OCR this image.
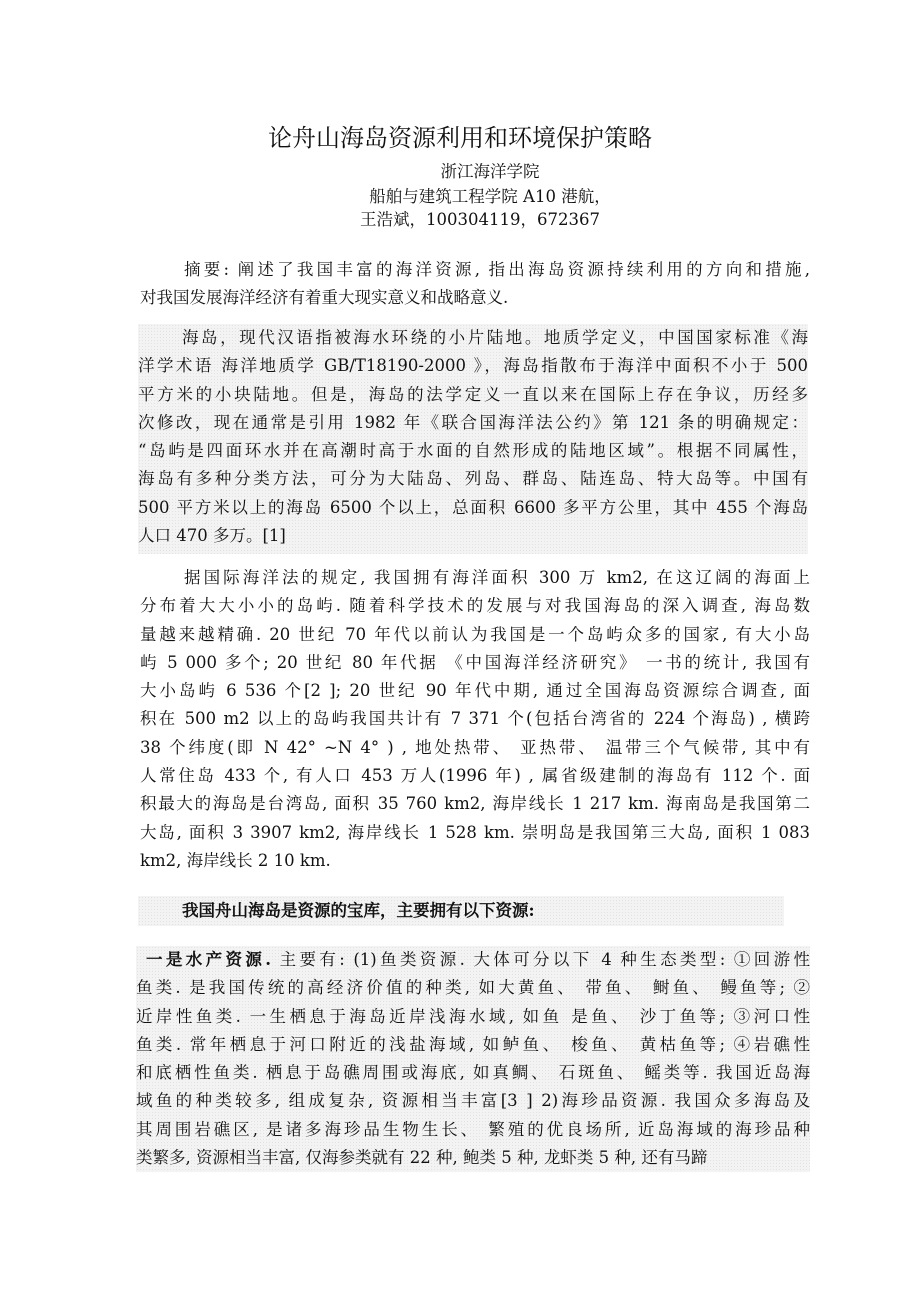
论舟山海岛资源利用和环境保护策略
浙江海洋学院
船舶与建筑工程学院 A10 港航，
王浩斌，100304119，672367
摘要: 阐述了我国丰富的海洋资源, 指出海岛资源持续利用的方向和措施,
对我国发展海洋经济有着重大现实意义和战略意义.
海岛，现代汉语指被海水环绕的小片陆地。地质学定义，中国国家标准《海
洋学术语 海洋地质学 GB/T18190-2000 》，海岛指散布于海洋中面积不小于 500
平方米的小块陆地。但是，海岛的法学定义一直以来在国际上存在争议，历经多
次修改，现在通常是引用 1982 年《联合国海洋法公约》第 121 条的明确规定：
“岛屿是四面环水并在高潮时高于水面的自然形成的陆地区域”。根据不同属性，
海岛有多种分类方法，可分为大陆岛、列岛、群岛、陆连岛、特大岛等。中国有
500 平方米以上的海岛 6500 个以上，总面积 6600 多平方公里，其中 455 个海岛
人口 470 多万。[1]
据国际海洋法的规定, 我国拥有海洋面积 300 万 km2, 在这辽阔的海面上
分布着大大小小的岛屿. 随着科学技术的发展与对我国海岛的深入调查, 海岛数
量越来越精确. 20 世纪 70 年代以前认为我国是一个岛屿众多的国家, 有大小岛
屿 5 000 多个; 20 世纪 80 年代据 《中国海洋经济研究》 一书的统计, 我国有
大小岛屿 6 536 个[2 ]; 20 世纪 90 年代中期, 通过全国海岛资源综合调查, 面
积在 500 m2 以上的岛屿我国共计有 7 371 个(包括台湾省的 224 个海岛) , 横跨
38 个纬度(即 N 42° ~N 4° ) , 地处热带、 亚热带、 温带三个气候带, 其中有
人常住岛 433 个, 有人口 453 万人(1996 年) , 属省级建制的海岛有 112 个. 面
积最大的海岛是台湾岛, 面积 35 760 km2, 海岸线长 1 217 km. 海南岛是我国第二
大岛, 面积 3 3907 km2, 海岸线长 1 528 km. 崇明岛是我国第三大岛, 面积 1 083
km2, 海岸线长 2 10 km.
我国舟山海岛是资源的宝库，主要拥有以下资源:
一是水产资源. 主要有: (1)鱼类资源. 大体可分以下 4 种生态类型: ①回游性
鱼类. 是我国传统的高经济价值的种类, 如大黄鱼、 带鱼、 鲥鱼、 鳗鱼等; ②
近岸性鱼类. 一生栖息于海岛近岸浅海水域, 如鱼 是鱼、 沙丁鱼等; ③河口性
鱼类. 常年栖息于河口附近的浅盐海域, 如鲈鱼、 梭鱼、 黄枯鱼等; ④岩礁性
和底栖性鱼类. 栖息于岛礁周围或海底, 如真鲷、 石斑鱼、 鳐类等. 我国近岛海
域鱼的种类较多, 组成复杂, 资源相当丰富[3 ] 2)海珍品资源. 我国众多海岛及
其周围岩礁区, 是诸多海珍品生物生长、 繁殖的优良场所, 近岛海域的海珍品种
类繁多, 资源相当丰富, 仅海参类就有 22 种, 鲍类 5 种, 龙虾类 5 种, 还有马蹄
